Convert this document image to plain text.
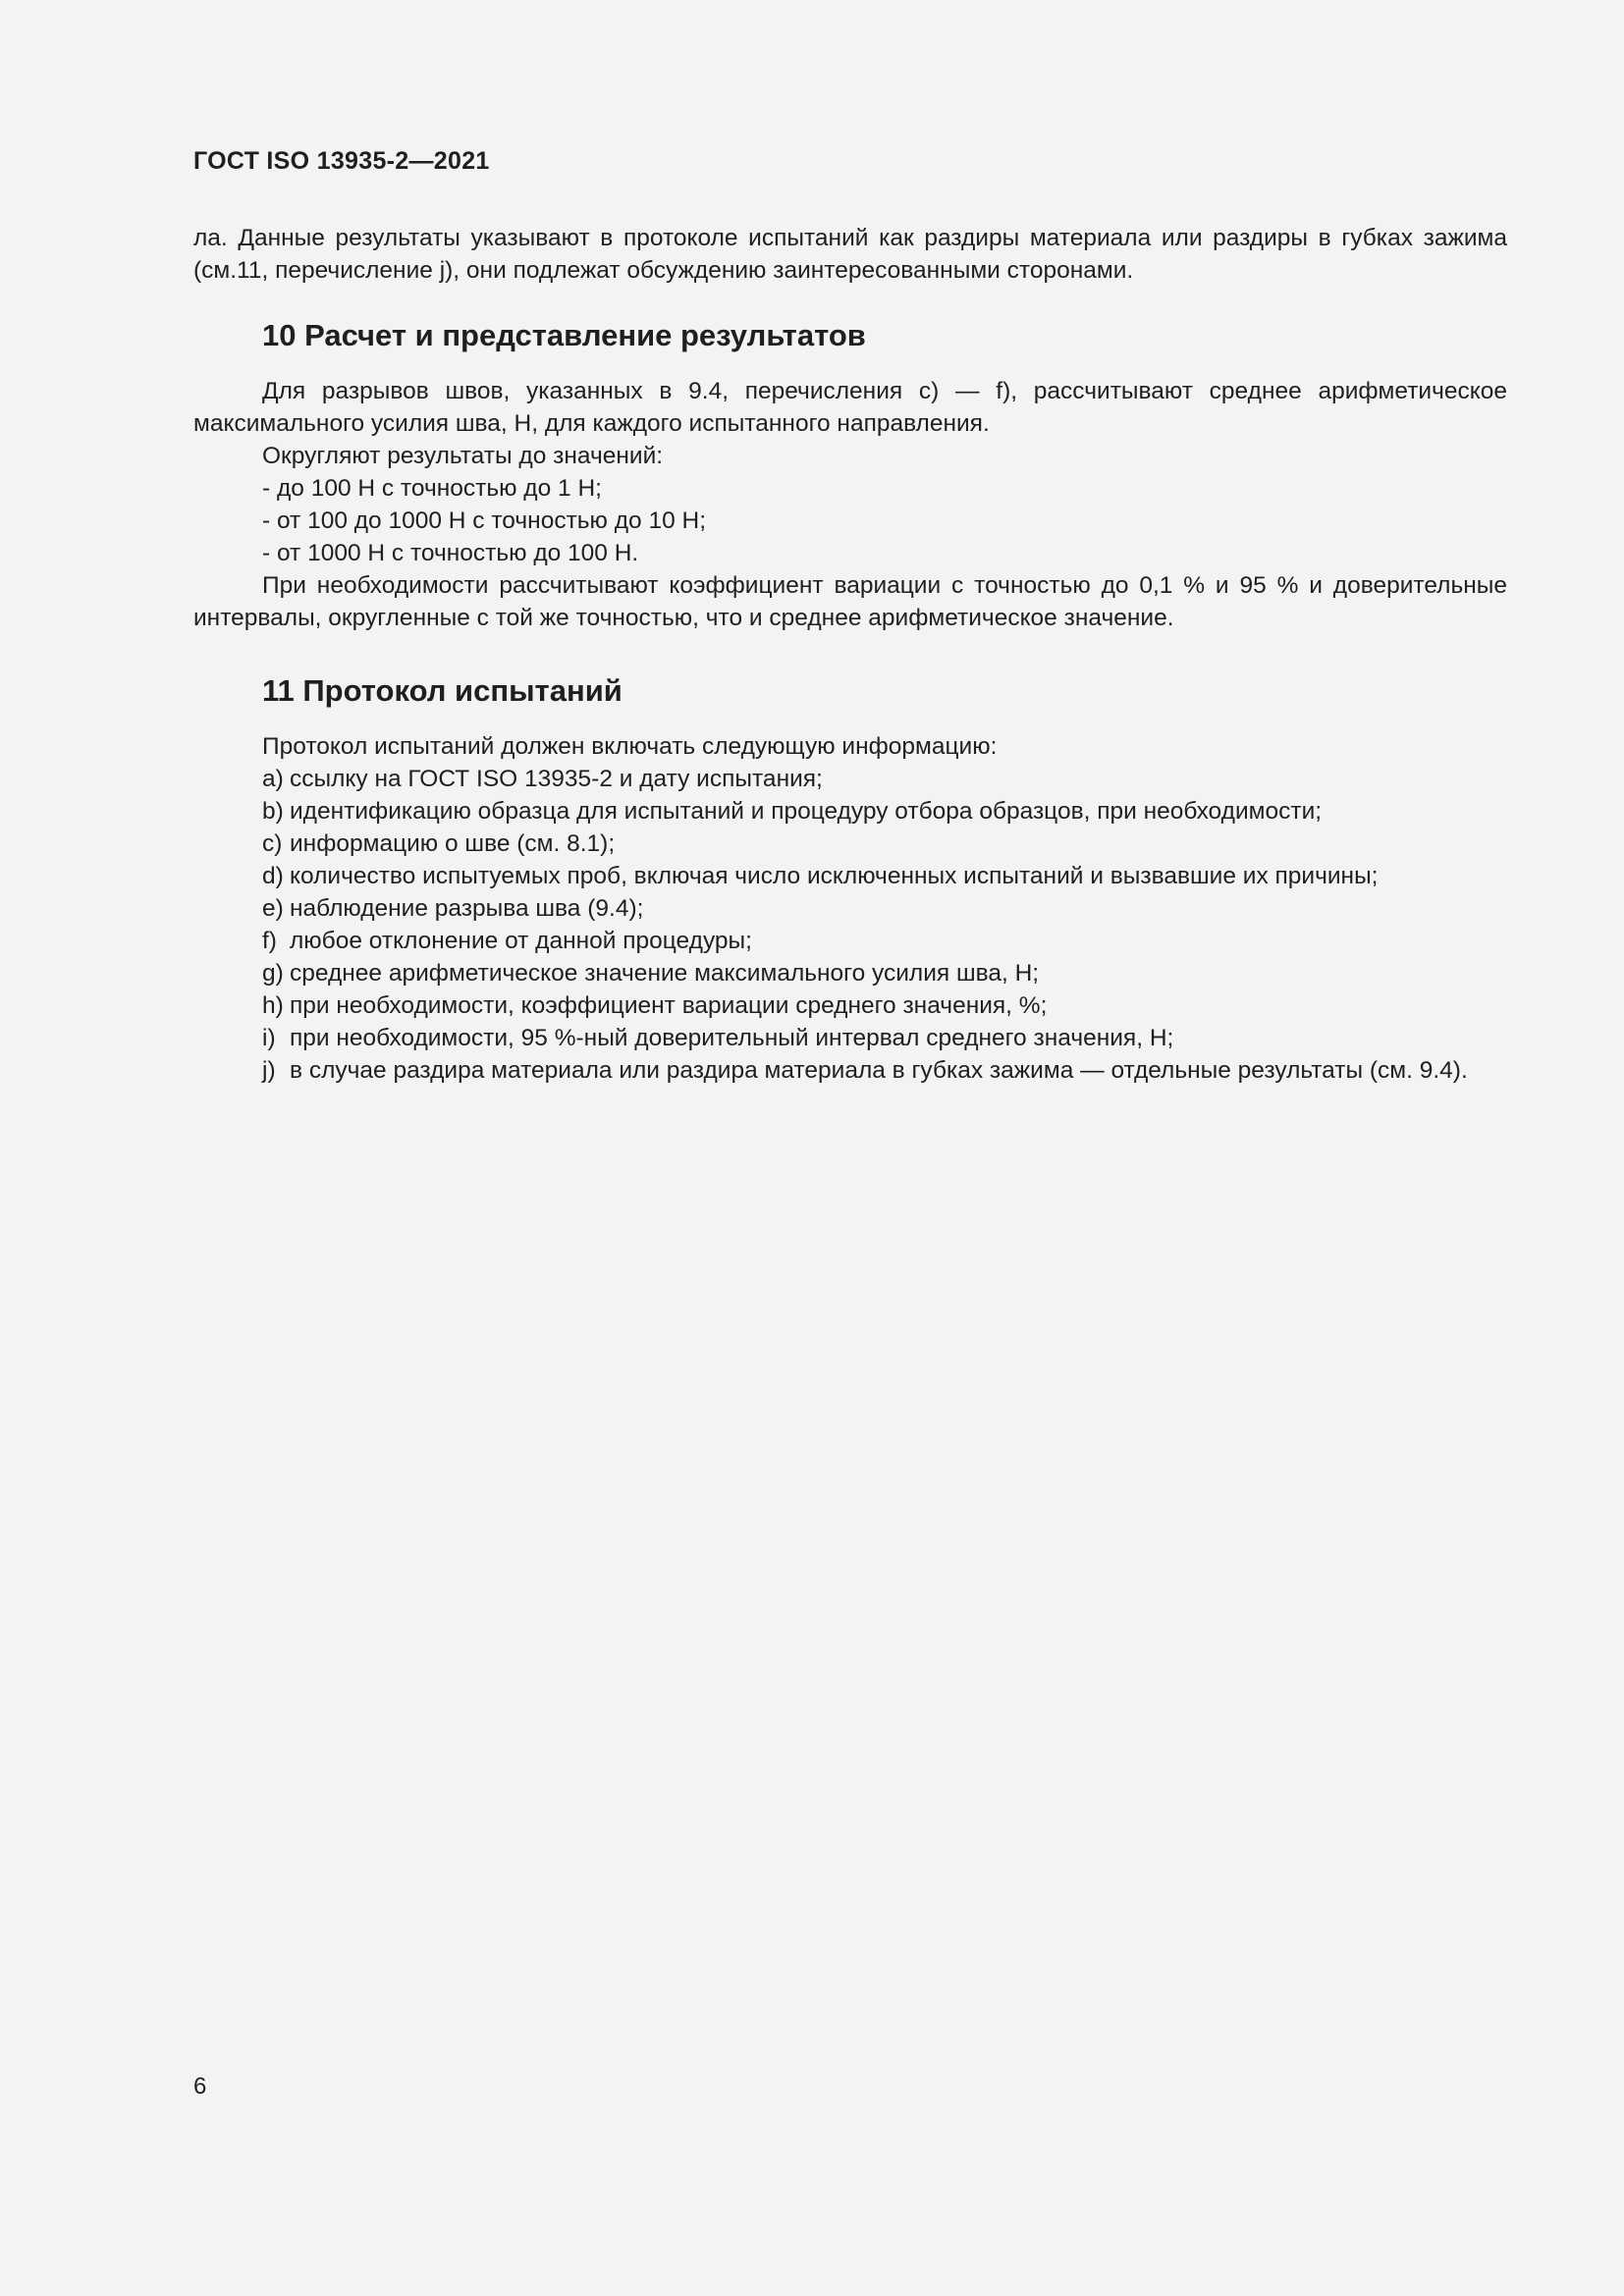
ГОСТ ISO 13935-2—2021

ла. Данные результаты указывают в протоколе испытаний как раздиры материала или раздиры в губках зажима (см.11, перечисление j), они подлежат обсуждению заинтересованными сторонами.

10 Расчет и представление результатов

Для разрывов швов, указанных в 9.4, перечисления с) — f), рассчитывают среднее арифметическое максимального усилия шва, Н, для каждого испытанного направления.

Округляют результаты до значений:

- до 100 Н с точностью до 1 Н;

- от 100 до 1000 Н с точностью до 10 Н;

- от 1000 Н с точностью до 100 Н.

При необходимости рассчитывают коэффициент вариации с точностью до 0,1 % и 95 % и доверительные интервалы, округленные с той же точностью, что и среднее арифметическое значение.

11 Протокол испытаний

Протокол испытаний должен включать следующую информацию:

а) ссылку на ГОСТ ISO 13935-2 и дату испытания;
b) идентификацию образца для испытаний и процедуру отбора образцов, при необходимости;
с) информацию о шве (см. 8.1);
d) количество испытуемых проб, включая число исключенных испытаний и вызвавшие их причины;
е) наблюдение разрыва шва (9.4);
f) любое отклонение от данной процедуры;
g) среднее арифметическое значение максимального усилия шва, Н;
h) при необходимости, коэффициент вариации среднего значения, %;
i) при необходимости, 95 %-ный доверительный интервал среднего значения, Н;
j) в случае раздира материала или раздира материала в губках зажима — отдельные результаты (см. 9.4).
6
